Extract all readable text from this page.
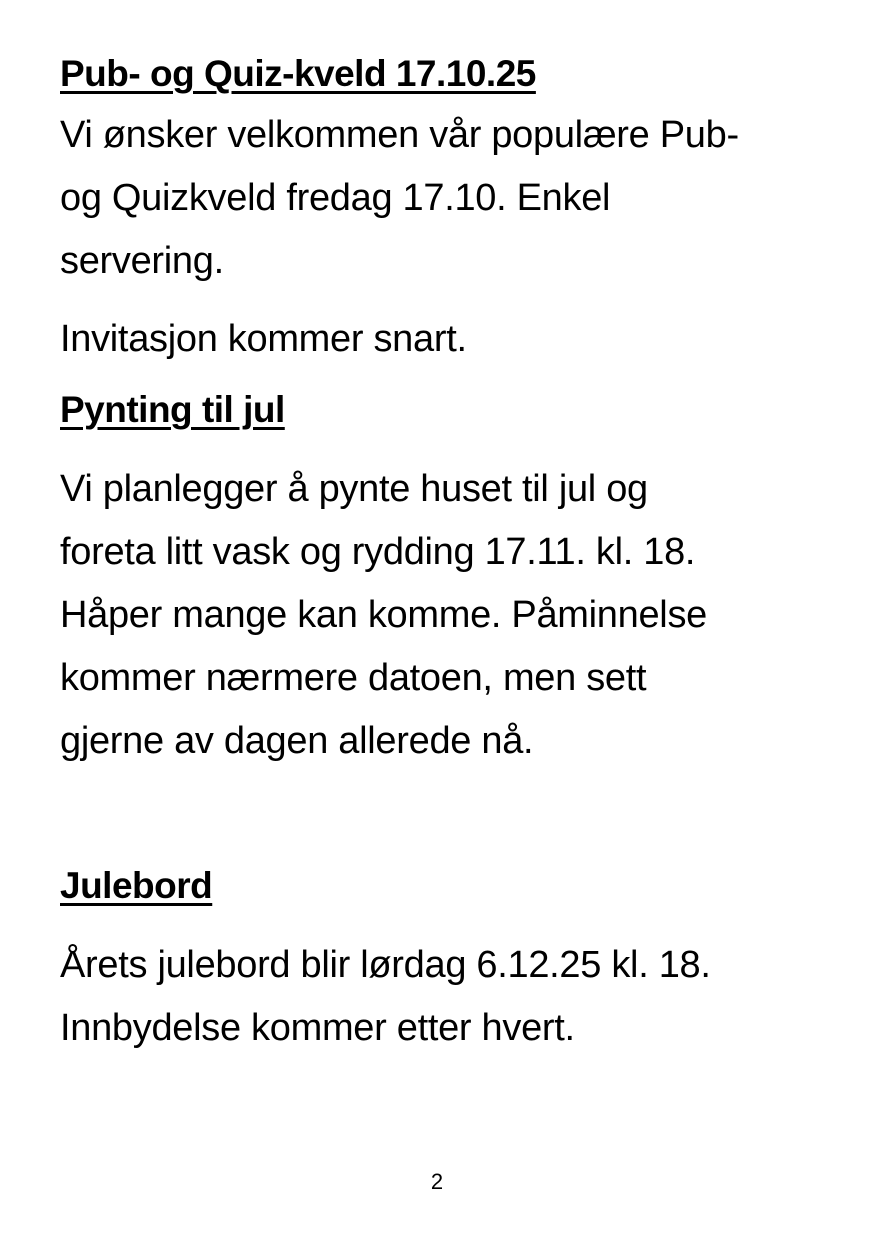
Pub- og Quiz-kveld 17.10.25
Vi ønsker velkommen vår populære Pub-
og Quizkveld fredag 17.10. Enkel
servering.
Invitasjon kommer snart.
Pynting til jul
Vi planlegger å pynte huset til jul og
foreta litt vask og rydding 17.11. kl. 18.
Håper mange kan komme. Påminnelse
kommer nærmere datoen, men sett
gjerne av dagen allerede nå.
Julebord
Årets julebord blir lørdag 6.12.25 kl. 18.
Innbydelse kommer etter hvert.
2
